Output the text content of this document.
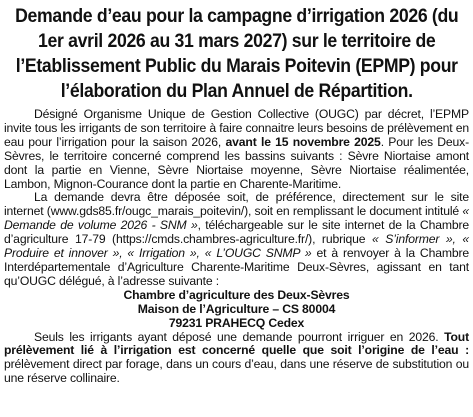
Demande d’eau pour la campagne d’irrigation 2026 (du 1er avril 2026 au 31 mars 2027) sur le territoire de l’Etablissement Public du Marais Poitevin (EPMP) pour l’élaboration du Plan Annuel de Répartition.

Désigné Organisme Unique de Gestion Collective (OUGC) par décret, l’EPMP invite tous les irrigants de son territoire à faire connaitre leurs besoins de prélèvement en eau pour l’irrigation pour la saison 2026, avant le 15 novembre 2025. Pour les Deux-Sèvres, le territoire concerné comprend les bassins suivants : Sèvre Niortaise amont dont la partie en Vienne, Sèvre Niortaise moyenne, Sèvre Niortaise réalimentée, Lambon, Mignon-Courance dont la partie en Charente-Maritime.

La demande devra être déposée soit, de préférence, directement sur le site internet (www.gds85.fr/ougc_marais_poitevin/), soit en remplissant le document intitulé « Demande de volume 2026 - SNM », téléchargeable sur le site internet de la Chambre d’agriculture 17-79 (https://cmds.chambres-agriculture.fr/), rubrique « S’informer », « Produire et innover », « Irrigation », « L’OUGC SNMP » et à renvoyer à la Chambre Interdépartementale d’Agriculture Charente-Maritime Deux-Sèvres, agissant en tant qu’OUGC délégué, à l’adresse suivante :

Chambre d’agriculture des Deux-Sèvres
Maison de l’Agriculture – CS 80004
79231 PRAHECQ Cedex

Seuls les irrigants ayant déposé une demande pourront irriguer en 2026. Tout prélèvement lié à l’irrigation est concerné quelle que soit l’origine de l’eau : prélèvement direct par forage, dans un cours d’eau, dans une réserve de substitution ou une réserve collinaire.
